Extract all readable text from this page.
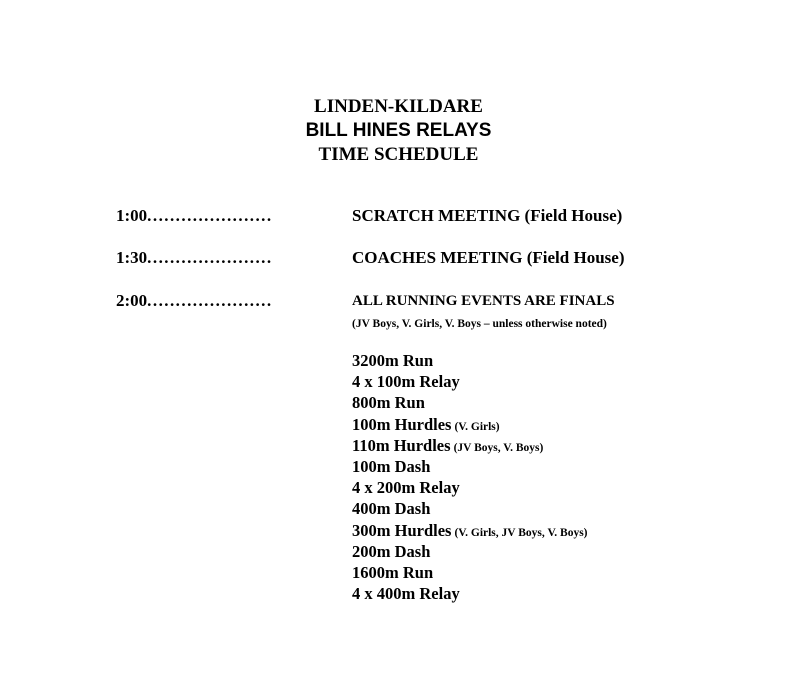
LINDEN-KILDARE
BILL HINES RELAYS
TIME SCHEDULE
1:00......................	SCRATCH MEETING (Field House)
1:30......................	COACHES MEETING (Field House)
2:00......................	ALL RUNNING EVENTS ARE FINALS
(JV Boys, V. Girls, V. Boys – unless otherwise noted)
3200m Run
4 x 100m Relay
800m Run
100m Hurdles (V. Girls)
110m Hurdles (JV Boys, V. Boys)
100m Dash
4 x 200m Relay
400m Dash
300m Hurdles (V. Girls, JV Boys, V. Boys)
200m Dash
1600m Run
4 x 400m Relay
